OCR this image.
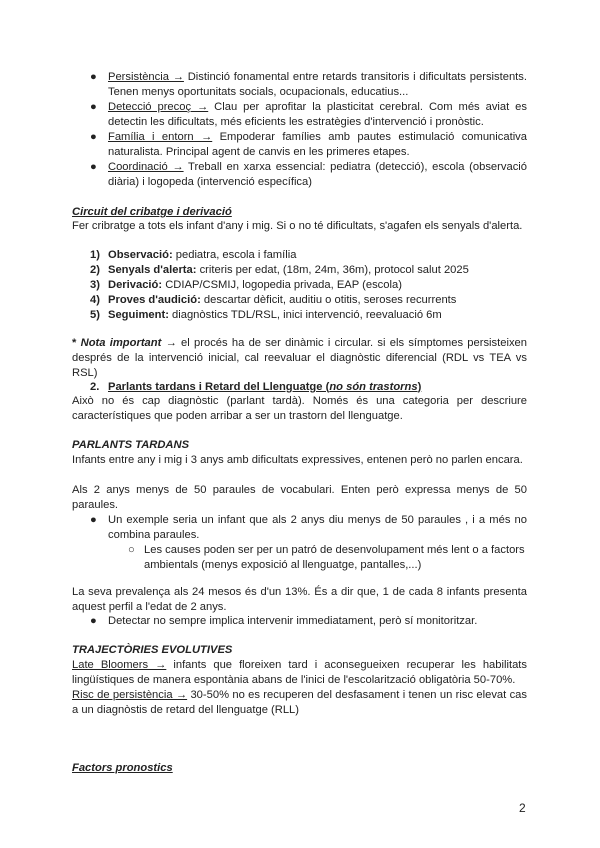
● Persistència → Distinció fonamental entre retards transitoris i dificultats persistents. Tenen menys oportunitats socials, ocupacionals, educatius...
● Detecció precoç → Clau per aprofitar la plasticitat cerebral. Com més aviat es detectin les dificultats, més eficients les estratègies d'intervenció i pronòstic.
● Família i entorn → Empoderar famílies amb pautes estimulació comunicativa naturalista. Principal agent de canvis en les primeres etapes.
● Coordinació → Treball en xarxa essencial: pediatra (detecció), escola (observació diària) i logopeda (intervenció específica)
Circuit del cribatge i derivació
Fer cribratge a tots els infant d'any i mig. Si o no té dificultats, s'agafen els senyals d'alerta.
1) Observació: pediatra, escola i família
2) Senyals d'alerta: criteris per edat, (18m, 24m, 36m), protocol salut 2025
3) Derivació: CDIAP/CSMIJ, logopedia privada, EAP (escola)
4) Proves d'audició: descartar dèficit, auditiu o otitis, seroses recurrents
5) Seguiment: diagnòstics TDL/RSL, inici intervenció, reevaluació 6m
* Nota important → el procés ha de ser dinàmic i circular. si els símptomes persisteixen després de la intervenció inicial, cal reevaluar el diagnòstic diferencial (RDL vs TEA vs RSL)
2. Parlants tardans i Retard del Llenguatge (no són trastorns)
Això no és cap diagnòstic (parlant tardà). Només és una categoria per descriure característiques que poden arribar a ser un trastorn del llenguatge.
PARLANTS TARDANS
Infants entre any i mig i 3 anys amb dificultats expressives, entenen però no parlen encara.
Als 2 anys menys de 50 paraules de vocabulari. Enten però expressa menys de 50 paraules.
● Un exemple seria un infant que als 2 anys diu menys de 50 paraules , i a més no combina paraules.
○ Les causes poden ser per un patró de desenvolupament més lent o a factors ambientals (menys exposició al llenguatge, pantalles,...)
La seva prevalença als 24 mesos és d'un 13%. És a dir que, 1 de cada 8 infants presenta aquest perfil a l'edat de 2 anys.
● Detectar no sempre implica intervenir immediatament, però sí monitoritzar.
TRAJECTÒRIES EVOLUTIVES
Late Bloomers → infants que floreixen tard i aconsegueixen recuperar les habilitats lingüístiques de manera espontània abans de l'inici de l'escolarització obligatòria 50-70%.
Risc de persistència → 30-50% no es recuperen del desfasament i tenen un risc elevat cas a un diagnòstis de retard del llenguatge (RLL)
Factors pronostics
2
